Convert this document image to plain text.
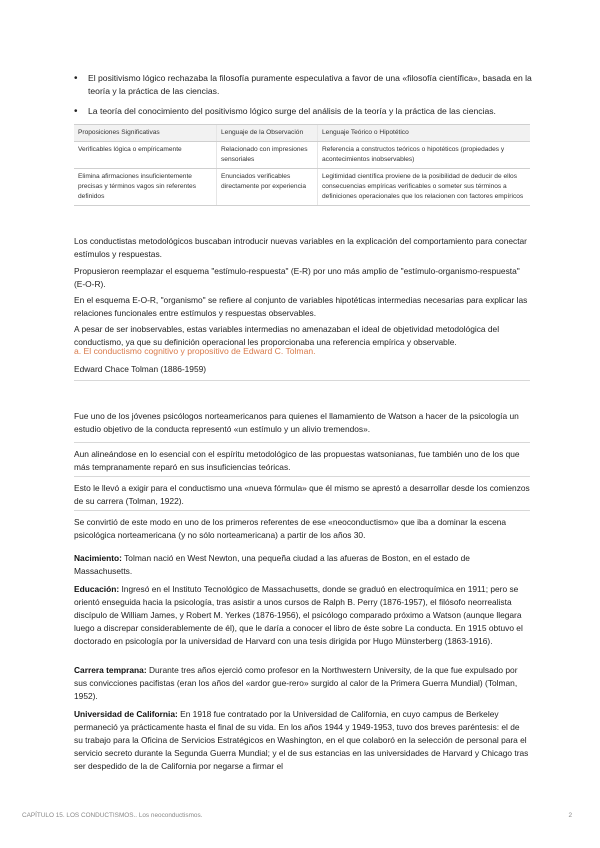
• El positivismo lógico rechazaba la filosofía puramente especulativa a favor de una «filosofía científica», basada en la teoría y la práctica de las ciencias.
• La teoría del conocimiento del positivismo lógico surge del análisis de la teoría y la práctica de las ciencias.
Proposiciones Significativas	Lenguaje de la Observación	Lenguaje Teórico o Hipotético
Verificables lógica o empíricamente	Relacionado con impresiones sensoriales	Referencia a constructos teóricos o hipotéticos (propiedades y acontecimientos inobservables)
Elimina afirmaciones insuficientemente precisas y términos vagos sin referentes definidos	Enunciados verificables directamente por experiencia	Legitimidad científica proviene de la posibilidad de deducir de ellos consecuencias empíricas verificables o someter sus términos a definiciones operacionales que los relacionen con factores empíricos

Los conductistas metodológicos buscaban introducir nuevas variables en la explicación del comportamiento para conectar estímulos y respuestas.

Propusieron reemplazar el esquema "estímulo-respuesta" (E-R) por uno más amplio de "estímulo-organismo-respuesta" (E-O-R).

En el esquema E-O-R, "organismo" se refiere al conjunto de variables hipotéticas intermedias necesarias para explicar las relaciones funcionales entre estímulos y respuestas observables.

A pesar de ser inobservables, estas variables intermedias no amenazaban el ideal de objetividad metodológica del conductismo, ya que su definición operacional les proporcionaba una referencia empírica y observable.

a. El conductismo cognitivo y propositivo de Edward C. Tolman.

Edward Chace Tolman (1886-1959)

Fue uno de los jóvenes psicólogos norteamericanos para quienes el llamamiento de Watson a hacer de la psicología un estudio objetivo de la conducta representó «un estímulo y un alivio tremendos».

Aun alineándose en lo esencial con el espíritu metodológico de las propuestas watsonianas, fue también uno de los que más tempranamente reparó en sus insuficiencias teóricas.

Esto le llevó a exigir para el conductismo una «nueva fórmula» que él mismo se aprestó a desarrollar desde los comienzos de su carrera (Tolman, 1922).

Se convirtió de este modo en uno de los primeros referentes de ese «neoconductismo» que iba a dominar la escena psicológica norteamericana (y no sólo norteamericana) a partir de los años 30.

Nacimiento: Tolman nació en West Newton, una pequeña ciudad a las afueras de Boston, en el estado de Massachusetts.

Educación: Ingresó en el Instituto Tecnológico de Massachusetts, donde se graduó en electroquímica en 1911; pero se orientó enseguida hacia la psicología, tras asistir a unos cursos de Ralph B. Perry (1876-1957), el filósofo neorrealista discípulo de William James, y Robert M. Yerkes (1876-1956), el psicólogo comparado próximo a Watson (aunque llegara luego a discrepar considerablemente de él), que le daría a conocer el libro de éste sobre La conducta. En 1915 obtuvo el doctorado en psicología por la universidad de Harvard con una tesis dirigida por Hugo Münsterberg (1863-1916).

Carrera temprana: Durante tres años ejerció como profesor en la Northwestern University, de la que fue expulsado por sus convicciones pacifistas (eran los años del «ardor gue-rero» surgido al calor de la Primera Guerra Mundial) (Tolman, 1952).

Universidad de California: En 1918 fue contratado por la Universidad de California, en cuyo campus de Berkeley permaneció ya prácticamente hasta el final de su vida. En los años 1944 y 1949-1953, tuvo dos breves paréntesis: el de su trabajo para la Oficina de Servicios Estratégicos en Washington, en el que colaboró en la selección de personal para el servicio secreto durante la Segunda Guerra Mundial; y el de sus estancias en las universidades de Harvard y Chicago tras ser despedido de la de California por negarse a firmar el

CAPÍTULO 15. LOS CONDUCTISMOS.. Los neoconductismos.	2
